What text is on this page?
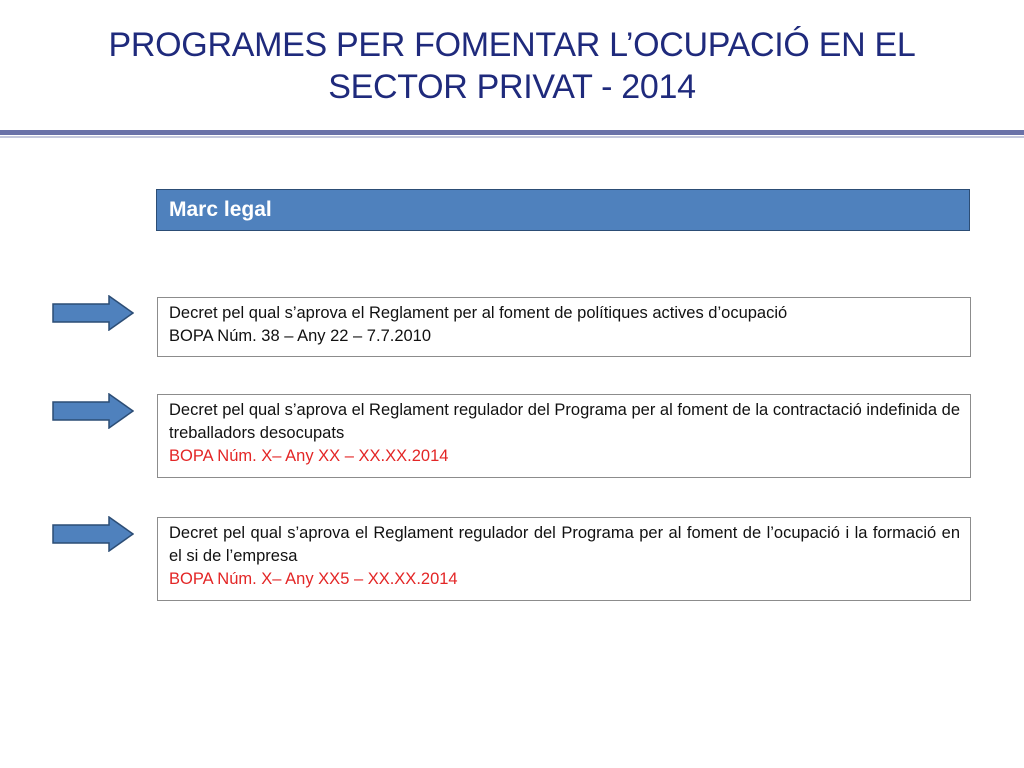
PROGRAMES PER FOMENTAR L’OCUPACIÓ EN EL
SECTOR PRIVAT - 2014
Marc legal

Decret pel qual s’aprova el Reglament per al foment de polítiques actives d’ocupació

BOPA Núm. 38 – Any 22 – 7.7.2010

Decret pel qual s’aprova el Reglament regulador del Programa per al foment de la contractació indefinida de treballadors desocupats

BOPA Núm. X– Any XX – XX.XX.2014

Decret pel qual s’aprova el Reglament regulador del Programa per al foment de l’ocupació i la formació en el si de l’empresa

BOPA Núm. X– Any XX5 – XX.XX.2014
